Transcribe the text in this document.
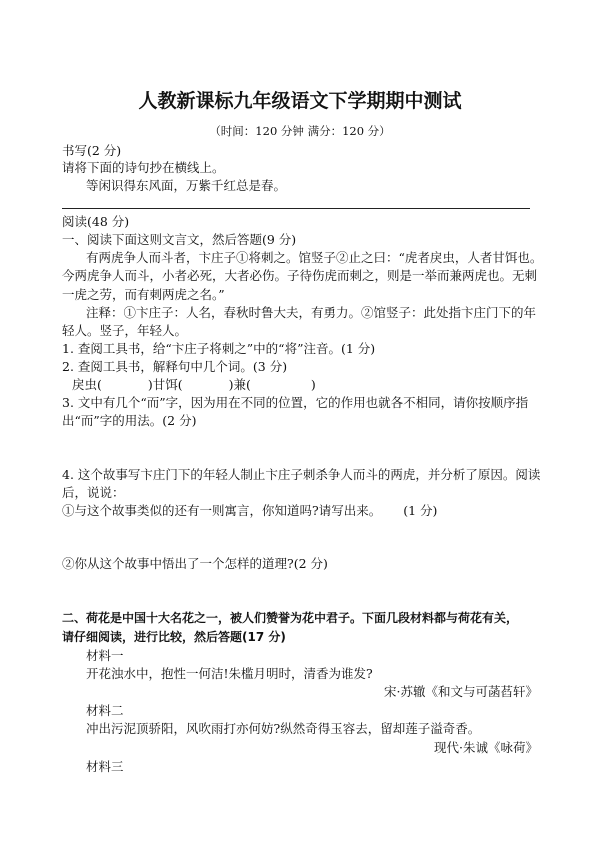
人教新课标九年级语文下学期期中测试
（时间：120 分钟 满分：120 分）
书写(2 分)
请将下面的诗句抄在横线上。
等闲识得东风面，万紫千红总是春。
阅读(48 分)
一、阅读下面这则文言文，然后答题(9 分)
有两虎争人而斗者，卞庄子①将刺之。馆竖子②止之曰：“虎者戾虫，人者甘饵也。
今两虎争人而斗，小者必死，大者必伤。子待伤虎而刺之，则是一举而兼两虎也。无刺
一虎之劳，而有刺两虎之名。”
注释：①卞庄子：人名，春秋时鲁大夫，有勇力。②馆竖子：此处指卞庄门下的年
轻人。竖子，年轻人。
1. 查阅工具书，给“卞庄子将刺之”中的“将”注音。(1 分)
2. 查阅工具书，解释句中几个词。(3 分)
戾虫(	)甘饵(	)兼(	)
3. 文中有几个“而”字，因为用在不同的位置，它的作用也就各不相同，请你按顺序指
出“而”字的用法。(2 分)
4. 这个故事写卞庄门下的年轻人制止卞庄子刺杀争人而斗的两虎，并分析了原因。阅读
后，说说：
①与这个故事类似的还有一则寓言，你知道吗?请写出来。 (1 分)
②你从这个故事中悟出了一个怎样的道理?(2 分)
二、荷花是中国十大名花之一，被人们赞誉为花中君子。下面几段材料都与荷花有关，
请仔细阅读，进行比较，然后答题(17 分)
材料一
开花浊水中，抱性一何洁!朱槛月明时，清香为谁发?
宋·苏辙《和文与可菡萏轩》
材料二
冲出污泥顶骄阳，风吹雨打亦何妨?纵然奇得玉容去，留却莲子溢奇香。
现代·朱诚《咏荷》
材料三
